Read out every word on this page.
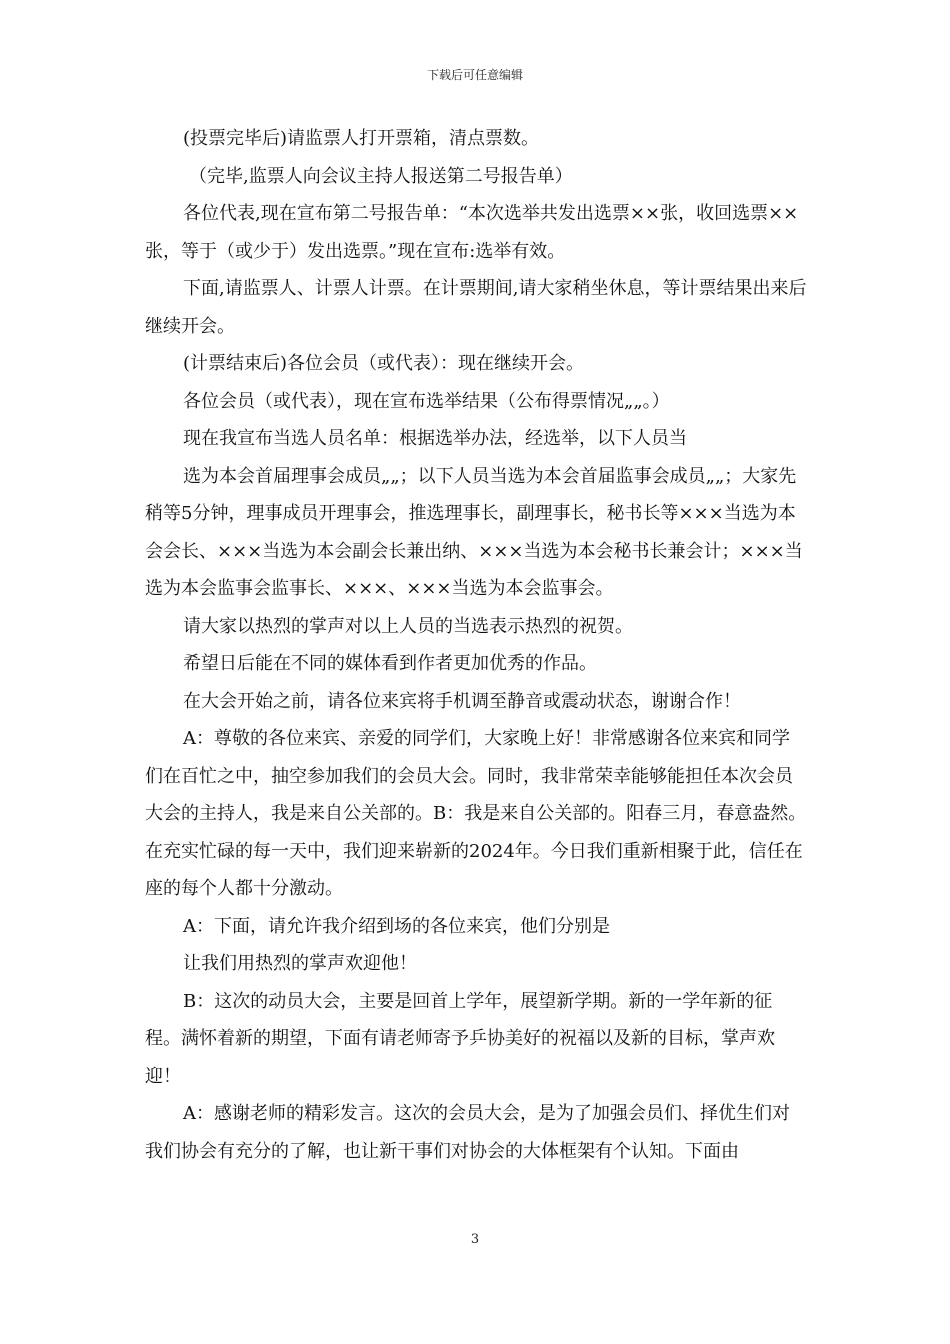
下载后可任意编辑

(投票完毕后)请监票人打开票箱，清点票数。

（完毕,监票人向会议主持人报送第二号报告单）

各位代表,现在宣布第二号报告单：“本次选举共发出选票××张，收回选票××张，等于（或少于）发出选票。”现在宣布:选举有效。

下面,请监票人、计票人计票。在计票期间,请大家稍坐休息，等计票结果出来后继续开会。

(计票结束后)各位会员（或代表）：现在继续开会。

各位会员（或代表），现在宣布选举结果（公布得票情况„„。）

现在我宣布当选人员名单：根据选举办法，经选举，以下人员当

选为本会首届理事会成员„„；以下人员当选为本会首届监事会成员„„；大家先稍等5分钟，理事成员开理事会，推选理事长，副理事长，秘书长等×××当选为本会会长、×××当选为本会副会长兼出纳、×××当选为本会秘书长兼会计；×××当选为本会监事会监事长、×××、×××当选为本会监事会。

请大家以热烈的掌声对以上人员的当选表示热烈的祝贺。

希望日后能在不同的媒体看到作者更加优秀的作品。

在大会开始之前，请各位来宾将手机调至静音或震动状态，谢谢合作！

A：尊敬的各位来宾、亲爱的同学们，大家晚上好！非常感谢各位来宾和同学们在百忙之中，抽空参加我们的会员大会。同时，我非常荣幸能够能担任本次会员大会的主持人，我是来自公关部的。B：我是来自公关部的。阳春三月，春意盎然。在充实忙碌的每一天中，我们迎来崭新的2024年。今日我们重新相聚于此，信任在座的每个人都十分激动。

A：下面，请允许我介绍到场的各位来宾，他们分别是

让我们用热烈的掌声欢迎他！

B：这次的动员大会，主要是回首上学年，展望新学期。新的一学年新的征程。满怀着新的期望，下面有请老师寄予乒协美好的祝福以及新的目标，掌声欢迎！

A：感谢老师的精彩发言。这次的会员大会，是为了加强会员们、择优生们对我们协会有充分的了解，也让新干事们对协会的大体框架有个认知。下面由

3
